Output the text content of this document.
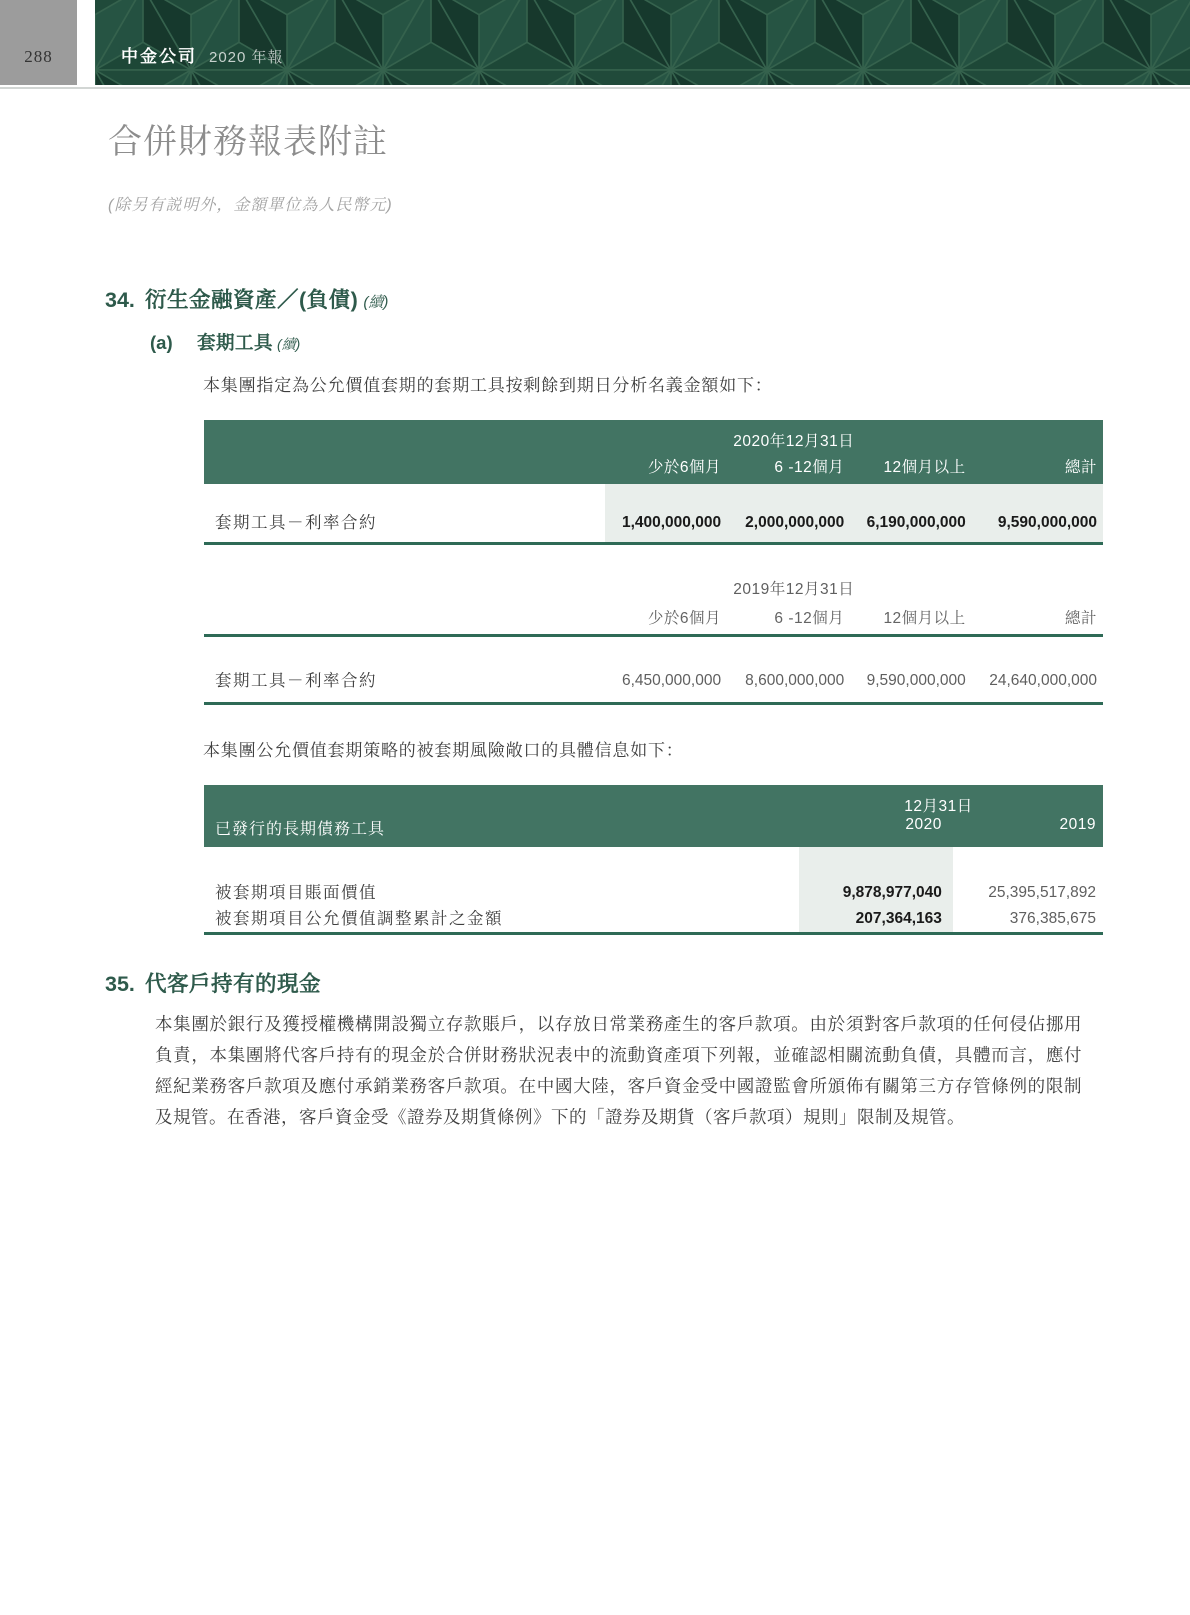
288	中金公司 2020 年報
合併財務報表附註
(除另有説明外，金額單位為人民幣元)
34. 衍生金融資產／(負債) (續)
(a)	套期工具 (續)
本集團指定為公允價值套期的套期工具按剩餘到期日分析名義金額如下：
2020年12月31日
少於6個月	6 -12個月	12個月以上	總計
套期工具－利率合約	1,400,000,000	2,000,000,000	6,190,000,000	9,590,000,000
2019年12月31日
少於6個月	6 -12個月	12個月以上	總計
套期工具－利率合約	6,450,000,000	8,600,000,000	9,590,000,000	24,640,000,000
本集團公允價值套期策略的被套期風險敞口的具體信息如下：
12月31日
已發行的長期債務工具	2020	2019
被套期項目賬面價值	9,878,977,040	25,395,517,892
被套期項目公允價值調整累計之金額	207,364,163	376,385,675
35. 代客戶持有的現金
本集團於銀行及獲授權機構開設獨立存款賬戶，以存放日常業務產生的客戶款項。由於須對客戶款項的任何侵佔挪用負責，本集團將代客戶持有的現金於合併財務狀況表中的流動資產項下列報，並確認相關流動負債，具體而言，應付經紀業務客戶款項及應付承銷業務客戶款項。在中國大陸，客戶資金受中國證監會所頒佈有關第三方存管條例的限制及規管。在香港，客戶資金受《證券及期貨條例》下的「證券及期貨（客戶款項）規則」限制及規管。
